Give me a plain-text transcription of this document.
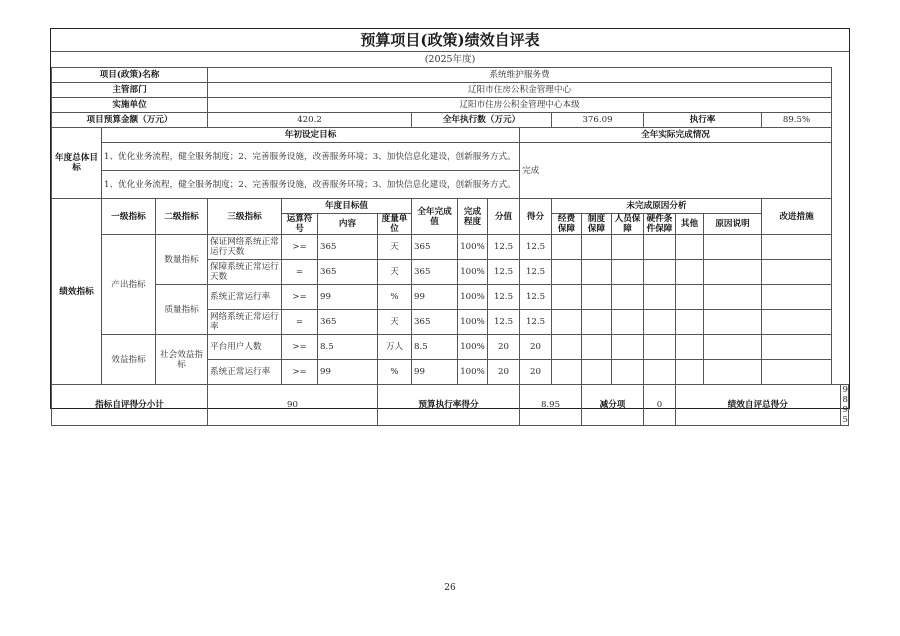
预算项目(政策)绩效自评表
(2025年度)
项目(政策)名称			系统维护服务费															
主管部门			辽阳市住房公积金管理中心															
实施单位			辽阳市住房公积金管理中心本级															
项目预算金额（万元）			420.2				全年执行数（万元）				376.09			执行率			89.5%	
年度总体目标	年初设定目标									全年实际完成情况								
	1、优化业务流程，健全服务制度；2、完善服务设施，改善服务环境；3、加快信息化建设，创新服务方式。									完成								
	1、优化业务流程，健全服务制度；2、完善服务设施，改善服务环境；3、加快信息化建设，创新服务方式。																	
绩效指标	一级指标	二级指标	三级指标	年度目标值			全年完成值	完成程度	分值	得分	未完成原因分析						改进措施	
				运算符号	内容	度量单位					经费保障	制度保障	人员保障	硬件条件保障	其他	原因说明		

	产出指标	数量指标	保证网络系统正常运行天数	>=	365	天	365	100%	12.5	12.5								
			保障系统正常运行天数	=	365	天	365	100%	12.5	12.5								
		质量指标	系统正常运行率	>=	99	%	99	100%	12.5	12.5								
			网络系统正常运行率	=	365	天	365	100%	12.5	12.5								
	效益指标	社会效益指标	平台用户人数	>=	8.5	万人	8.5	100%	20	20								
			系统正常运行率	>=	99	%	99	100%	20	20								
指标自评得分小计			90			预算执行率得分				8.95		减分项		0	绩效自评总得分			98.95
26
